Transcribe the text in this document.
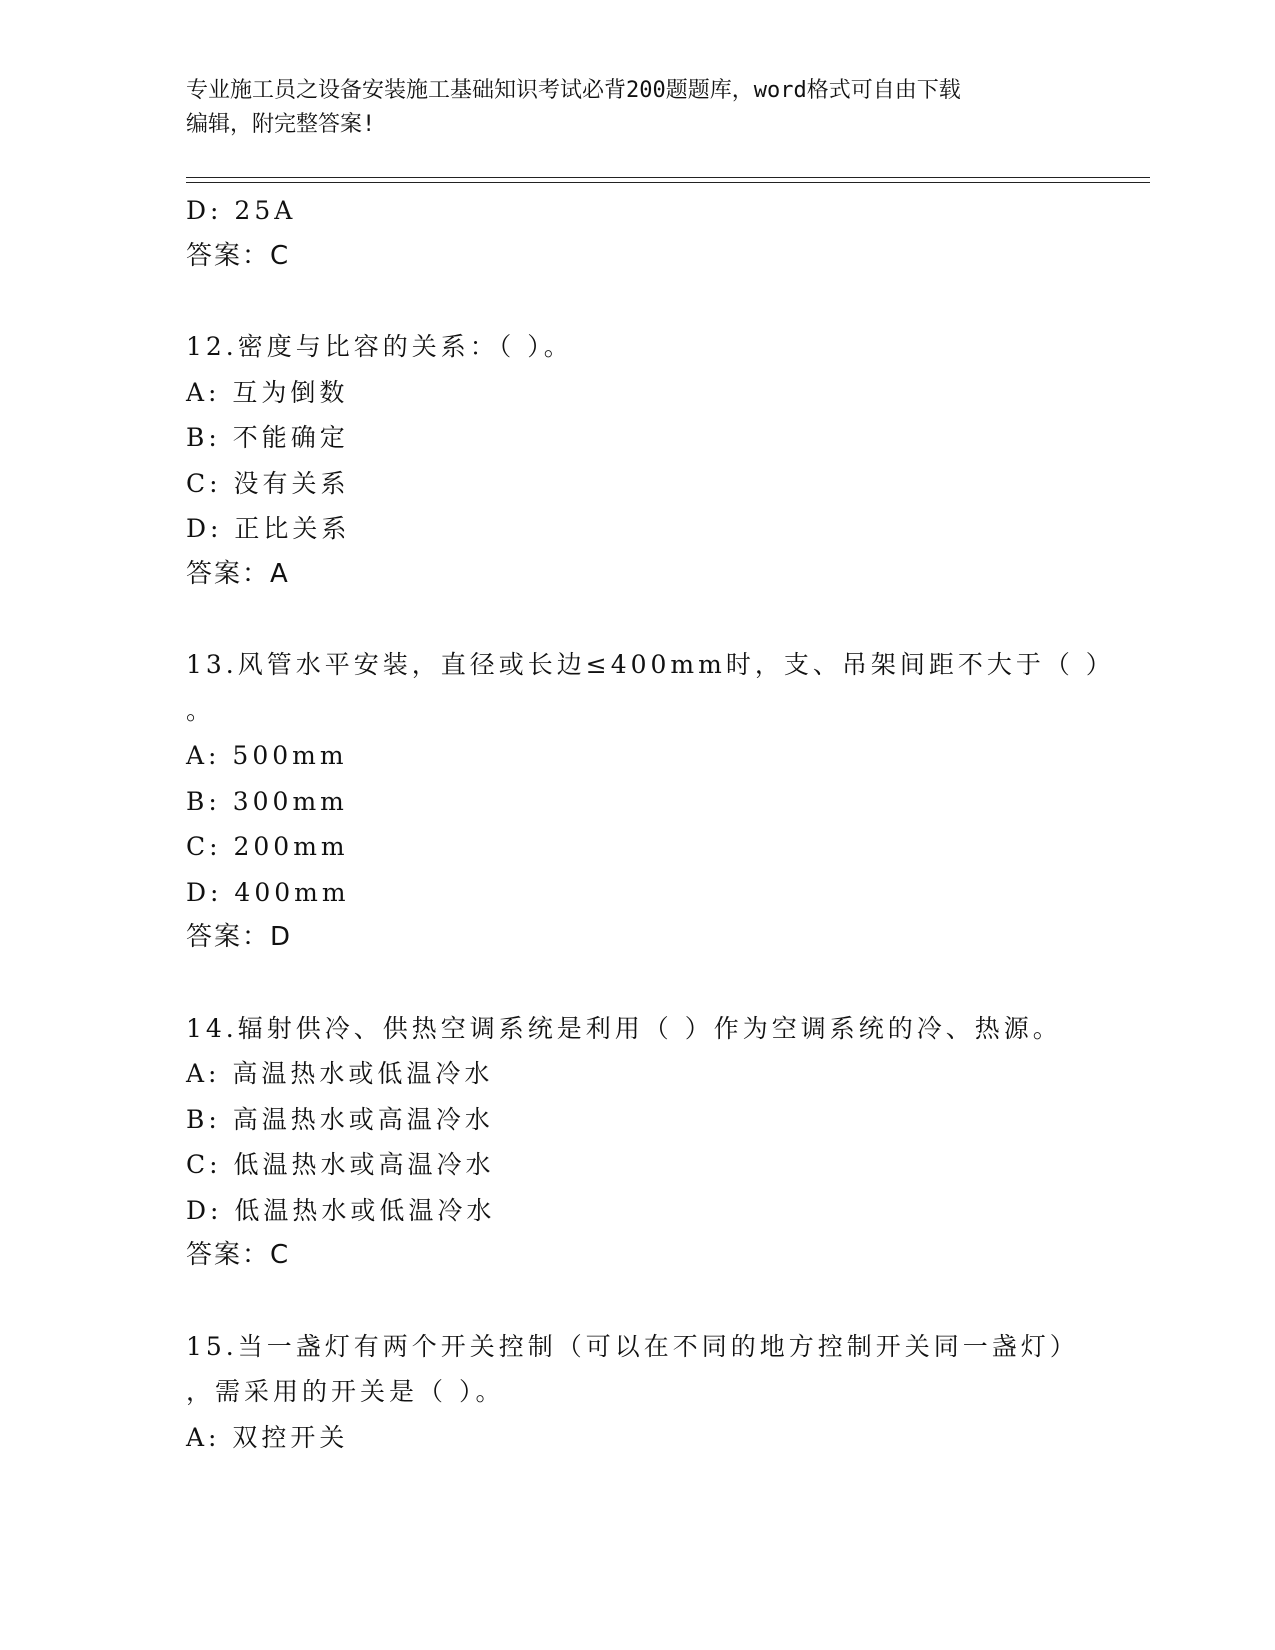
专业施工员之设备安装施工基础知识考试必背200题题库，word格式可自由下载
编辑，附完整答案!
D: 25A
答案：C
12.密度与比容的关系：（ ）。
A: 互为倒数
B: 不能确定
C: 没有关系
D: 正比关系
答案：A
13.风管水平安装，直径或长边≤400mm时，支、吊架间距不大于（ ）
。
A: 500mm
B: 300mm
C: 200mm
D: 400mm
答案：D
14.辐射供冷、供热空调系统是利用（ ）作为空调系统的冷、热源。
A: 高温热水或低温冷水
B: 高温热水或高温冷水
C: 低温热水或高温冷水
D: 低温热水或低温冷水
答案：C
15.当一盏灯有两个开关控制（可以在不同的地方控制开关同一盏灯）
，需采用的开关是（ ）。
A: 双控开关
